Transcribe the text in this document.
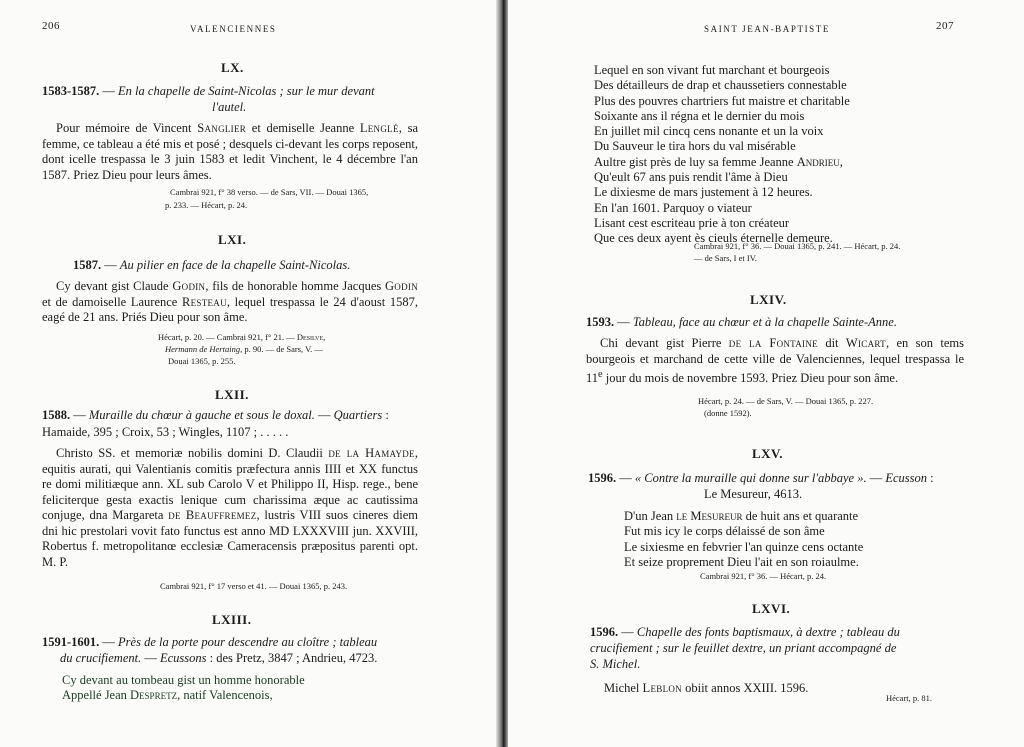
206	VALENCIENNES
LX.
1583-1587. — En la chapelle de Saint-Nicolas ; sur le mur devant
l'autel.
Pour mémoire de Vincent Sanglier et demiselle Jeanne Lenglé, sa femme, ce tableau a été mis et posé ; desquels ci-devant les corps reposent, dont icelle trespassa le 3 juin 1583 et ledit Vinchent, le 4 décembre l'an 1587. Priez Dieu pour leurs âmes.
Cambrai 921, f° 38 verso. — de Sars, VII. — Douai 1365,
p. 233. — Hécart, p. 24.
LXI.
1587. — Au pilier en face de la chapelle Saint-Nicolas.
Cy devant gist Claude Godin, fils de honorable homme Jacques Godin et de damoiselle Laurence Resteau, lequel trespassa le 24 d'aoust 1587, eagé de 21 ans. Priés Dieu pour son âme.
Hécart, p. 20. — Cambrai 921, f° 21. — Desilve,
Hermann de Hertaing, p. 90. — de Sars, V. —
Douai 1365, p. 255.
LXII.
1588. — Muraille du chœur à gauche et sous le doxal. — Quartiers : Hamaide, 395 ; Croix, 53 ; Wingles, 1107 ; . . . . .
Christo SS. et memoriæ nobilis domini D. Claudii de la Hamayde, equitis aurati, qui Valentianis comitis præfectura annis IIII et XX functus re domi militiæque ann. XL sub Carolo V et Philippo II, Hisp. rege., bene feliciterque gesta exactis lenique cum charissima æque ac cautissima conjuge, dna Margareta de Beauffremez, lustris VIII suos cineres diem dni hic prestolari vovit fato functus est anno MD LXXXVIII jun. XXVIII, Robertus f. metropolitanœ ecclesiæ Cameracensis præpositus parenti opt. M. P.
Cambrai 921, f° 17 verso et 41. — Douai 1365, p. 243.
LXIII.
1591-1601. — Près de la porte pour descendre au cloître ; tableau
du crucifiement. — Ecussons : des Pretz, 3847 ; Andrieu, 4723.
Cy devant au tombeau gist un homme honorable
Appellé Jean Despretz, natif Valencenois,
SAINT JEAN-BAPTISTE	207
Lequel en son vivant fut marchant et bourgeois
Des détailleurs de drap et chaussetiers connestable
Plus des pouvres chartriers fut maistre et charitable
Soixante ans il régna et le dernier du mois
En juillet mil cincq cens nonante et un la voix
Du Sauveur le tira hors du val misérable
Aultre gist près de luy sa femme Jeanne Andrieu,
Qu'eult 67 ans puis rendit l'âme à Dieu
Le dixiesme de mars justement à 12 heures.
En l'an 1601. Parquoy o viateur
Lisant cest escriteau prie à ton créateur
Que ces deux ayent ès cieuls éternelle demeure.
Cambrai 921, f° 36. — Douai 1365, p. 241. — Hécart, p. 24.
— de Sars, I et IV.
LXIV.
1593. — Tableau, face au chœur et à la chapelle Sainte-Anne.
Chi devant gist Pierre de la Fontaine dit Wicart, en son tems bourgeois et marchand de cette ville de Valenciennes, lequel trespassa le 11e jour du mois de novembre 1593. Priez Dieu pour son âme.
Hécart, p. 24. — de Sars, V. — Douai 1365, p. 227.
(donne 1592).
LXV.
1596. — « Contre la muraille qui donne sur l'abbaye ». — Ecusson :
Le Mesureur, 4613.
D'un Jean le Mesureur de huit ans et quarante
Fut mis icy le corps délaissé de son âme
Le sixiesme en febvrier l'an quinze cens octante
Et seize proprement Dieu l'ait en son roiaulme.
Cambrai 921, f° 36. — Hécart, p. 24.
LXVI.
1596. — Chapelle des fonts baptismaux, à dextre ; tableau du
crucifiement ; sur le feuillet dextre, un priant accompagné de
S. Michel.
Michel Leblon obiit annos XXIII. 1596.
Hécart, p. 81.
